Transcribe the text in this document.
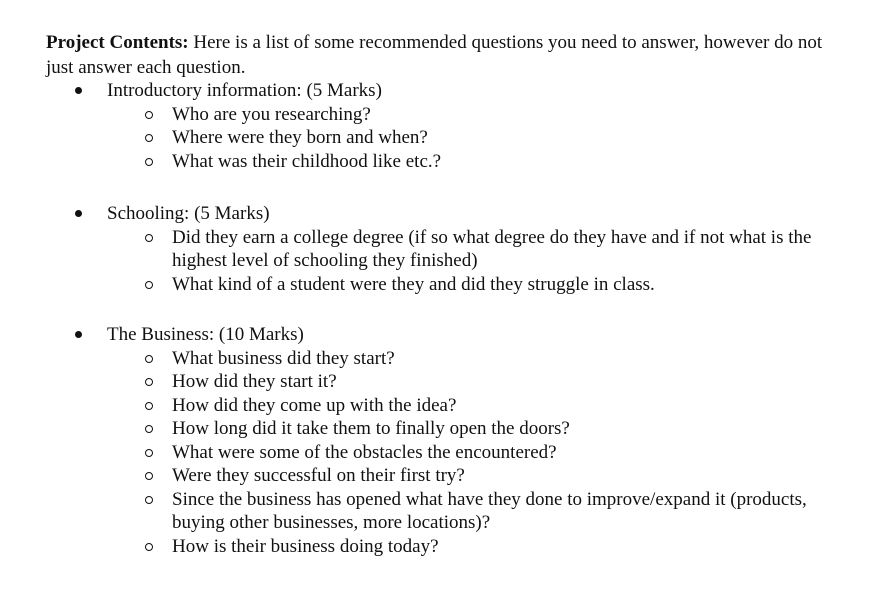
Project Contents: Here is a list of some recommended questions you need to answer, however do not just answer each question.
Introductory information: (5 Marks)
Who are you researching?
Where were they born and when?
What was their childhood like etc.?
Schooling: (5 Marks)
Did they earn a college degree (if so what degree do they have and if not what is the highest level of schooling they finished)
What kind of a student were they and did they struggle in class.
The Business: (10 Marks)
What business did they start?
How did they start it?
How did they come up with the idea?
How long did it take them to finally open the doors?
What were some of the obstacles the encountered?
Were they successful on their first try?
Since the business has opened what have they done to improve/expand it (products, buying other businesses, more locations)?
How is their business doing today?
